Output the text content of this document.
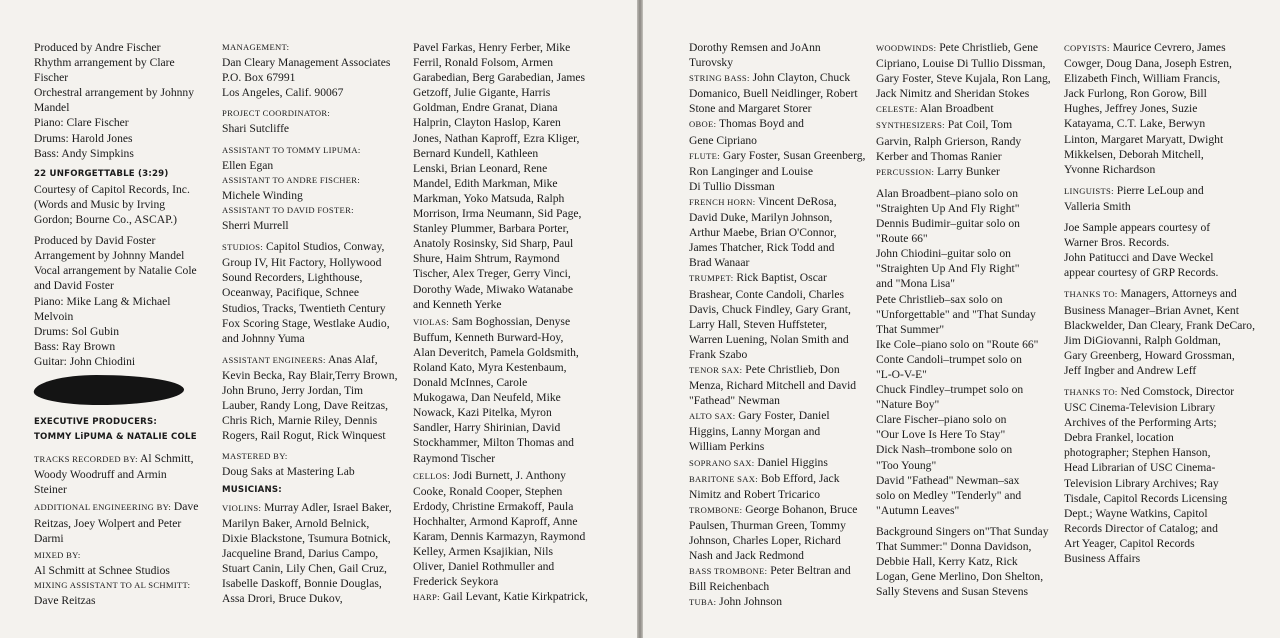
Produced by Andre Fischer
Rhythm arrangement by Clare
Fischer
Orchestral arrangement by Johnny
Mandel
Piano: Clare Fischer
Drums: Harold Jones
Bass: Andy Simpkins

22 UNFORGETTABLE (3:29)
Courtesy of Capitol Records, Inc.
(Words and Music by Irving
Gordon; Bourne Co., ASCAP.)

Produced by David Foster
Arrangement by Johnny Mandel
Vocal arrangement by Natalie Cole
and David Foster
Piano: Mike Lang & Michael
Melvoin
Drums: Sol Gubin
Bass: Ray Brown
Guitar: John Chiodini

EXECUTIVE PRODUCERS:
TOMMY LiPUMA & NATALIE COLE

TRACKS RECORDED BY: Al Schmitt,
Woody Woodruff and Armin
Steiner

ADDITIONAL ENGINEERING BY: Dave
Reitzas, Joey Wolpert and Peter
Darmi

MIXED BY:
Al Schmitt at Schnee Studios
MIXING ASSISTANT TO AL SCHMITT:
Dave Reitzas

MANAGEMENT:
Dan Cleary Management Associates
P.O. Box 67991
Los Angeles, Calif. 90067

PROJECT COORDINATOR:
Shari Sutcliffe

ASSISTANT TO TOMMY LIPUMA:
Ellen Egan
ASSISTANT TO ANDRE FISCHER:
Michele Winding
ASSISTANT TO DAVID FOSTER:
Sherri Murrell

STUDIOS: Capitol Studios, Conway,
Group IV, Hit Factory, Hollywood
Sound Recorders, Lighthouse,
Oceanway, Pacifique, Schnee
Studios, Tracks, Twentieth Century
Fox Scoring Stage, Westlake Audio,
and Johnny Yuma

ASSISTANT ENGINEERS: Anas Alaf,
Kevin Becka, Ray Blair,Terry Brown,
John Bruno, Jerry Jordan, Tim
Lauber, Randy Long, Dave Reitzas,
Chris Rich, Marnie Riley, Dennis
Rogers, Rail Rogut, Rick Winquest

MASTERED BY:
Doug Saks at Mastering Lab
MUSICIANS:

VIOLINS: Murray Adler, Israel Baker,
Marilyn Baker, Arnold Belnick,
Dixie Blackstone, Tsumura Botnick,
Jacqueline Brand, Darius Campo,
Stuart Canin, Lily Chen, Gail Cruz,
Isabelle Daskoff, Bonnie Douglas,
Assa Drori, Bruce Dukov,

Pavel Farkas, Henry Ferber, Mike
Ferril, Ronald Folsom, Armen
Garabedian, Berg Garabedian, James
Getzoff, Julie Gigante, Harris
Goldman, Endre Granat, Diana
Halprin, Clayton Haslop, Karen
Jones, Nathan Kaproff, Ezra Kliger,
Bernard Kundell, Kathleen
Lenski, Brian Leonard, Rene
Mandel, Edith Markman, Mike
Markman, Yoko Matsuda, Ralph
Morrison, Irma Neumann, Sid Page,
Stanley Plummer, Barbara Porter,
Anatoly Rosinsky, Sid Sharp, Paul
Shure, Haim Shtrum, Raymond
Tischer, Alex Treger, Gerry Vinci,
Dorothy Wade, Miwako Watanabe
and Kenneth Yerke

VIOLAS: Sam Boghossian, Denyse
Buffum, Kenneth Burward-Hoy,
Alan Deveritch, Pamela Goldsmith,
Roland Kato, Myra Kestenbaum,
Donald McInnes, Carole
Mukogawa, Dan Neufeld, Mike
Nowack, Kazi Pitelka, Myron
Sandler, Harry Shirinian, David
Stockhammer, Milton Thomas and
Raymond Tischer

CELLOS: Jodi Burnett, J. Anthony
Cooke, Ronald Cooper, Stephen
Erdody, Christine Ermakoff, Paula
Hochhalter, Armond Kaproff, Anne
Karam, Dennis Karmazyn, Raymond
Kelley, Armen Ksajikian, Nils
Oliver, Daniel Rothmuller and
Frederick Seykora
HARP: Gail Levant, Katie Kirkpatrick,

Dorothy Remsen and JoAnn
Turovsky
STRING BASS: John Clayton, Chuck
Domanico, Buell Neidlinger, Robert
Stone and Margaret Storer
OBOE: Thomas Boyd and
Gene Cipriano
FLUTE: Gary Foster, Susan Greenberg,
Ron Langinger and Louise
Di Tullio Dissman
FRENCH HORN: Vincent DeRosa,
David Duke, Marilyn Johnson,
Arthur Maebe, Brian O'Connor,
James Thatcher, Rick Todd and
Brad Wanaar
TRUMPET: Rick Baptist, Oscar
Brashear, Conte Candoli, Charles
Davis, Chuck Findley, Gary Grant,
Larry Hall, Steven Huffsteter,
Warren Luening, Nolan Smith and
Frank Szabo
TENOR SAX: Pete Christlieb, Don
Menza, Richard Mitchell and David
"Fathead" Newman
ALTO SAX: Gary Foster, Daniel
Higgins, Lanny Morgan and
William Perkins
SOPRANO SAX: Daniel Higgins
BARITONE SAX: Bob Efford, Jack
Nimitz and Robert Tricarico
TROMBONE: George Bohanon, Bruce
Paulsen, Thurman Green, Tommy
Johnson, Charles Loper, Richard
Nash and Jack Redmond
BASS TROMBONE: Peter Beltran and
Bill Reichenbach
TUBA: John Johnson

WOODWINDS: Pete Christlieb, Gene
Cipriano, Louise Di Tullio Dissman,
Gary Foster, Steve Kujala, Ron Lang,
Jack Nimitz and Sheridan Stokes
CELESTE: Alan Broadbent
SYNTHESIZERS: Pat Coil, Tom
Garvin, Ralph Grierson, Randy
Kerber and Thomas Ranier
PERCUSSION: Larry Bunker

Alan Broadbent–piano solo on
"Straighten Up And Fly Right"
Dennis Budimir–guitar solo on
"Route 66"
John Chiodini–guitar solo on
"Straighten Up And Fly Right"
and "Mona Lisa"
Pete Christlieb–sax solo on
"Unforgettable" and "That Sunday
That Summer"
Ike Cole–piano solo on "Route 66"
Conte Candoli–trumpet solo on
"L-O-V-E"
Chuck Findley–trumpet solo on
"Nature Boy"
Clare Fischer–piano solo on
"Our Love Is Here To Stay"
Dick Nash–trombone solo on
"Too Young"
David "Fathead" Newman–sax
solo on Medley "Tenderly" and
"Autumn Leaves"

Background Singers on"That Sunday
That Summer:" Donna Davidson,
Debbie Hall, Kerry Katz, Rick
Logan, Gene Merlino, Don Shelton,
Sally Stevens and Susan Stevens

COPYISTS: Maurice Cevrero, James
Cowger, Doug Dana, Joseph Estren,
Elizabeth Finch, William Francis,
Jack Furlong, Ron Gorow, Bill
Hughes, Jeffrey Jones, Suzie
Katayama, C.T. Lake, Berwyn
Linton, Margaret Maryatt, Dwight
Mikkelsen, Deborah Mitchell,
Yvonne Richardson

LINGUISTS: Pierre LeLoup and
Valleria Smith

Joe Sample appears courtesy of
Warner Bros. Records.
John Patitucci and Dave Weckel
appear courtesy of GRP Records.

THANKS TO: Managers, Attorneys and
Business Manager–Brian Avnet, Kent
Blackwelder, Dan Cleary, Frank DeCaro,
Jim DiGiovanni, Ralph Goldman,
Gary Greenberg, Howard Grossman,
Jeff Ingber and Andrew Leff

THANKS TO: Ned Comstock, Director
USC Cinema-Television Library
Archives of the Performing Arts;
Debra Frankel, location
photographer; Stephen Hanson,
Head Librarian of USC Cinema-
Television Library Archives; Ray
Tisdale, Capitol Records Licensing
Dept.; Wayne Watkins, Capitol
Records Director of Catalog; and
Art Yeager, Capitol Records
Business Affairs
